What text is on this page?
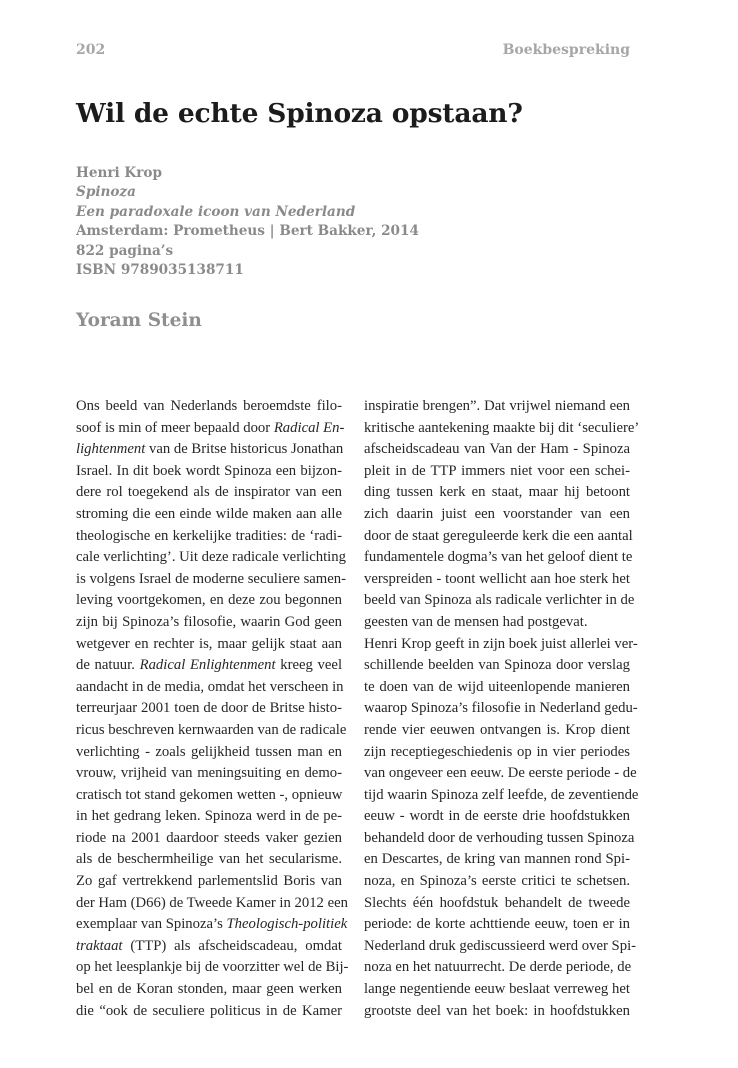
202	Boekbespreking
Wil de echte Spinoza opstaan?
Henri Krop
Spinoza
Een paradoxale icoon van Nederland
Amsterdam: Prometheus | Bert Bakker, 2014
822 pagina’s
ISBN 9789035138711
Yoram Stein
Ons beeld van Nederlands beroemdste filo-
soof is min of meer bepaald door Radical En-
lightenment van de Britse historicus Jonathan
Israel. In dit boek wordt Spinoza een bijzon-
dere rol toegekend als de inspirator van een
stroming die een einde wilde maken aan alle
theologische en kerkelijke tradities: de ‘radi-
cale verlichting’. Uit deze radicale verlichting
is volgens Israel de moderne seculiere samen-
leving voortgekomen, en deze zou begonnen
zijn bij Spinoza’s filosofie, waarin God geen
wetgever en rechter is, maar gelijk staat aan
de natuur. Radical Enlightenment kreeg veel
aandacht in de media, omdat het verscheen in
terreurjaar 2001 toen de door de Britse histo-
ricus beschreven kernwaarden van de radicale
verlichting - zoals gelijkheid tussen man en
vrouw, vrijheid van meningsuiting en demo-
cratisch tot stand gekomen wetten -, opnieuw
in het gedrang leken. Spinoza werd in de pe-
riode na 2001 daardoor steeds vaker gezien
als de beschermheilige van het secularisme.
Zo gaf vertrekkend parlementslid Boris van
der Ham (D66) de Tweede Kamer in 2012 een
exemplaar van Spinoza’s Theologisch-politiek
traktaat (TTP) als afscheidscadeau, omdat
op het leesplankje bij de voorzitter wel de Bij-
bel en de Koran stonden, maar geen werken
die “ook de seculiere politicus in de Kamer
inspiratie brengen”. Dat vrijwel niemand een
kritische aantekening maakte bij dit ‘seculiere’
afscheidscadeau van Van der Ham - Spinoza
pleit in de TTP immers niet voor een schei-
ding tussen kerk en staat, maar hij betoont
zich daarin juist een voorstander van een
door de staat gereguleerde kerk die een aantal
fundamentele dogma’s van het geloof dient te
verspreiden - toont wellicht aan hoe sterk het
beeld van Spinoza als radicale verlichter in de
geesten van de mensen had postgevat.
Henri Krop geeft in zijn boek juist allerlei ver-
schillende beelden van Spinoza door verslag
te doen van de wijd uiteenlopende manieren
waarop Spinoza’s filosofie in Nederland gedu-
rende vier eeuwen ontvangen is. Krop dient
zijn receptiegeschiedenis op in vier periodes
van ongeveer een eeuw. De eerste periode - de
tijd waarin Spinoza zelf leefde, de zeventiende
eeuw - wordt in de eerste drie hoofdstukken
behandeld door de verhouding tussen Spinoza
en Descartes, de kring van mannen rond Spi-
noza, en Spinoza’s eerste critici te schetsen.
Slechts één hoofdstuk behandelt de tweede
periode: de korte achttiende eeuw, toen er in
Nederland druk gediscussieerd werd over Spi-
noza en het natuurrecht. De derde periode, de
lange negentiende eeuw beslaat verreweg het
grootste deel van het boek: in hoofdstukken
